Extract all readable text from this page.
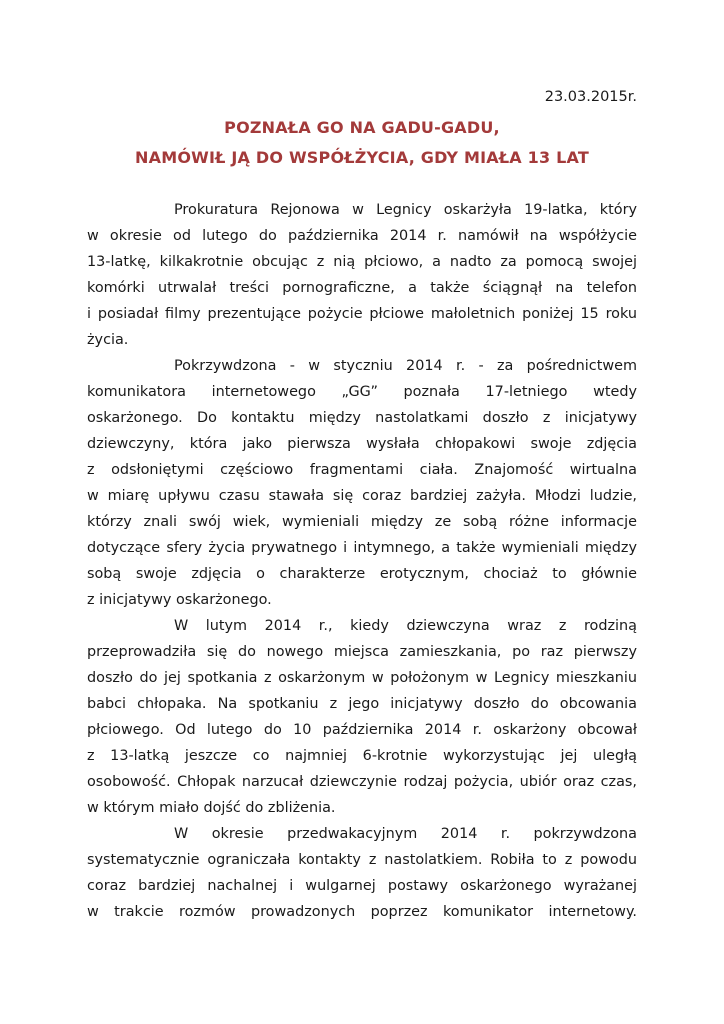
23.03.2015r.
POZNAŁA GO NA GADU-GADU,
NAMÓWIŁ JĄ DO WSPÓŁŻYCIA, GDY MIAŁA 13 LAT
Prokuratura Rejonowa w Legnicy oskarżyła 19-latka, który
w okresie od lutego do października 2014 r. namówił na współżycie
13-latkę, kilkakrotnie obcując z nią płciowo, a nadto za pomocą swojej
komórki utrwalał treści pornograficzne, a także ściągnął na telefon
i posiadał filmy prezentujące pożycie płciowe małoletnich poniżej 15 roku
życia.
Pokrzywdzona - w styczniu 2014 r. - za pośrednictwem
komunikatora internetowego „GG” poznała 17-letniego wtedy
oskarżonego. Do kontaktu między nastolatkami doszło z inicjatywy
dziewczyny, która jako pierwsza wysłała chłopakowi swoje zdjęcia
z odsłoniętymi częściowo fragmentami ciała. Znajomość wirtualna
w miarę upływu czasu stawała się coraz bardziej zażyła. Młodzi ludzie,
którzy znali swój wiek, wymieniali między ze sobą różne informacje
dotyczące sfery życia prywatnego i intymnego, a także wymieniali między
sobą swoje zdjęcia o charakterze erotycznym, chociaż to głównie
z inicjatywy oskarżonego.
W lutym 2014 r., kiedy dziewczyna wraz z rodziną
przeprowadziła się do nowego miejsca zamieszkania, po raz pierwszy
doszło do jej spotkania z oskarżonym w położonym w Legnicy mieszkaniu
babci chłopaka. Na spotkaniu z jego inicjatywy doszło do obcowania
płciowego. Od lutego do 10 października 2014 r. oskarżony obcował
z 13-latką jeszcze co najmniej 6-krotnie wykorzystując jej uległą
osobowość. Chłopak narzucał dziewczynie rodzaj pożycia, ubiór oraz czas,
w którym miało dojść do zbliżenia.
W okresie przedwakacyjnym 2014 r. pokrzywdzona
systematycznie ograniczała kontakty z nastolatkiem. Robiła to z powodu
coraz bardziej nachalnej i wulgarnej postawy oskarżonego wyrażanej
w trakcie rozmów prowadzonych poprzez komunikator internetowy.
